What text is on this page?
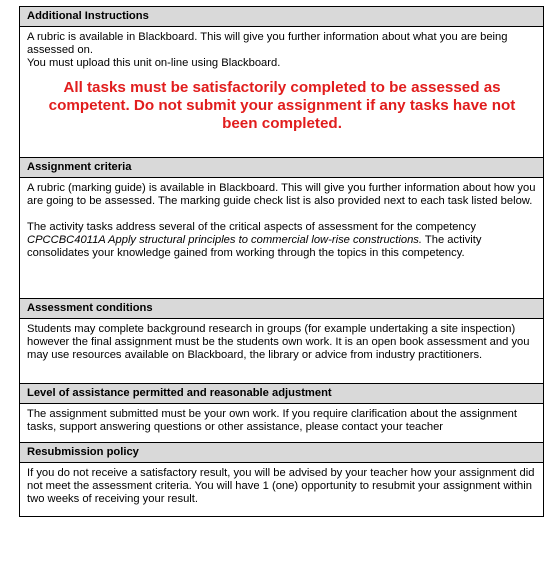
Additional Instructions

A rubric is available in Blackboard. This will give you further information about what you are being assessed on.

You must upload this unit on-line using Blackboard.

All tasks must be satisfactorily completed to be assessed as competent. Do not submit your assignment if any tasks have not been completed.
Assignment criteria

A rubric (marking guide) is available in Blackboard. This will give you further information about how you are going to be assessed. The marking guide check list is also provided next to each task listed below.

The activity tasks address several of the critical aspects of assessment for the competency CPCCBC4011A Apply structural principles to commercial low-rise constructions. The activity consolidates your knowledge gained from working through the topics in this competency.

Assessment conditions

Students may complete background research in groups (for example undertaking a site inspection) however the final assignment must be the students own work. It is an open book assessment and you may use resources available on Blackboard, the library or advice from industry practitioners.

Level of assistance permitted and reasonable adjustment

The assignment submitted must be your own work. If you require clarification about the assignment tasks, support answering questions or other assistance, please contact your teacher

Resubmission policy

If you do not receive a satisfactory result, you will be advised by your teacher how your assignment did not meet the assessment criteria. You will have 1 (one) opportunity to resubmit your assignment within two weeks of receiving your result.
